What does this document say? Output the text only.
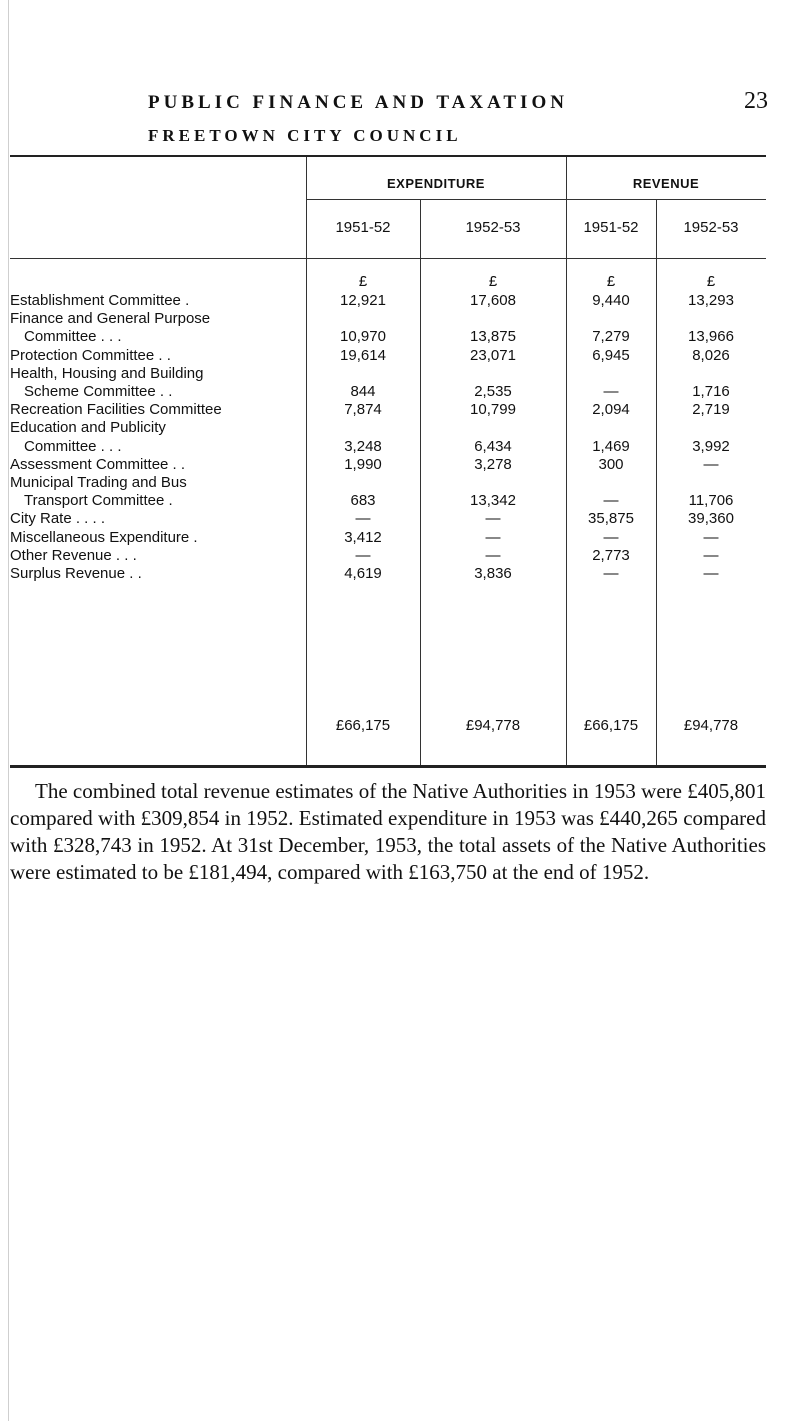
PUBLIC FINANCE AND TAXATION	23
FREETOWN CITY COUNCIL
EXPENDITURE	REVENUE
1951-52	1952-53	1951-52	1952-53
£	£	£	£
Establishment Committee .	12,921	17,608	9,440	13,293
Finance and General Purpose
Committee . . .	10,970	13,875	7,279	13,966
Protection Committee . .	19,614	23,071	6,945	8,026
Health, Housing and Building
Scheme Committee . .	844	2,535	—	1,716
Recreation Facilities Committee	7,874	10,799	2,094	2,719
Education and Publicity
Committee . . .	3,248	6,434	1,469	3,992
Assessment Committee . .	1,990	3,278	300	—
Municipal Trading and Bus
Transport Committee .	683	13,342	—	11,706
City Rate . . . .	—	—	35,875	39,360
Miscellaneous Expenditure .	3,412	—	—	—
Other Revenue . . .	—	—	2,773	—
Surplus Revenue . .	4,619	3,836	—	—
£66,175	£94,778	£66,175	£94,778

The combined total revenue estimates of the Native Authorities in 1953 were £405,801 compared with £309,854 in 1952. Estimated expenditure in 1953 was £440,265 compared with £328,743 in 1952. At 31st December, 1953, the total assets of the Native Authorities were estimated to be £181,494, compared with £163,750 at the end of 1952.
